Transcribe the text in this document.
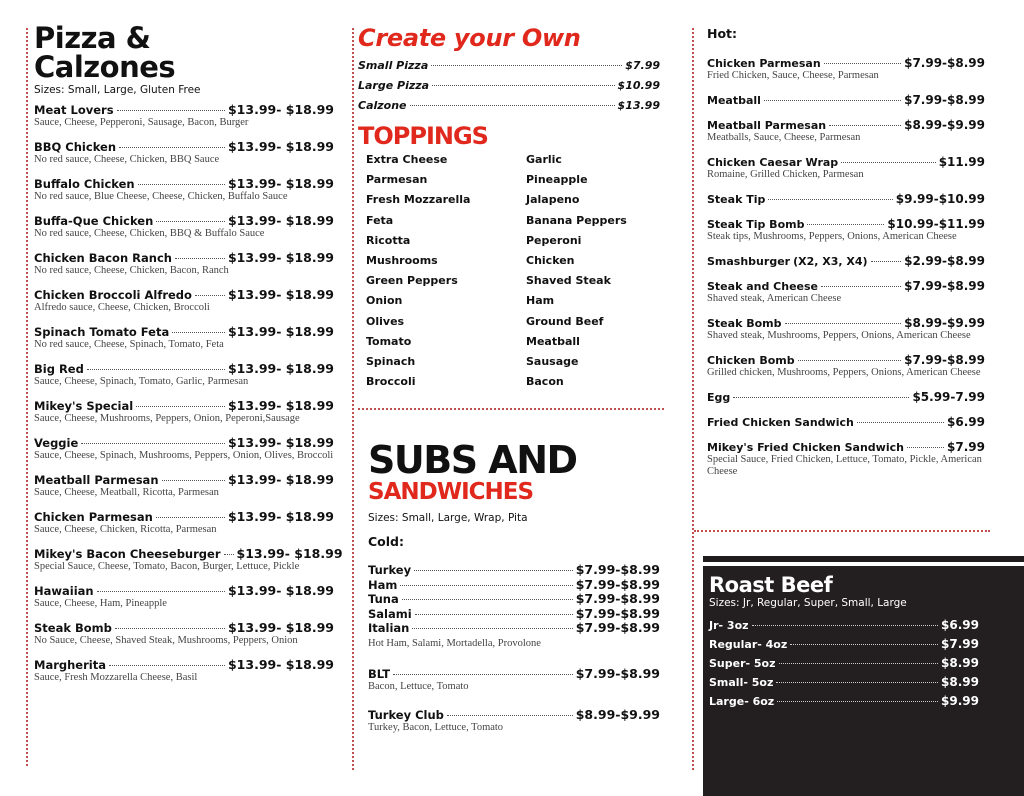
Pizza &
Calzones
Sizes: Small, Large, Gluten Free
Meat Lovers	$13.99- $18.99
Sauce, Cheese, Pepperoni, Sausage, Bacon, Burger
BBQ Chicken	$13.99- $18.99
No red sauce, Cheese, Chicken, BBQ Sauce
Buffalo Chicken	$13.99- $18.99
No red sauce, Blue Cheese, Cheese, Chicken, Buffalo Sauce
Buffa-Que Chicken	$13.99- $18.99
No red sauce, Cheese, Chicken, BBQ & Buffalo Sauce
Chicken Bacon Ranch	$13.99- $18.99
No red sauce, Cheese, Chicken, Bacon, Ranch
Chicken Broccoli Alfredo	$13.99- $18.99
Alfredo sauce, Cheese, Chicken, Broccoli
Spinach Tomato Feta	$13.99- $18.99
No red sauce, Cheese, Spinach, Tomato, Feta
Big Red	$13.99- $18.99
Sauce, Cheese, Spinach, Tomato, Garlic, Parmesan
Mikey's Special	$13.99- $18.99
Sauce, Cheese, Mushrooms, Peppers, Onion, Peperoni,Sausage
Veggie	$13.99- $18.99
Sauce, Cheese, Spinach, Mushrooms, Peppers, Onion, Olives, Broccoli
Meatball Parmesan	$13.99- $18.99
Sauce, Cheese, Meatball, Ricotta, Parmesan
Chicken Parmesan	$13.99- $18.99
Sauce, Cheese, Chicken, Ricotta, Parmesan
Mikey's Bacon Cheeseburger $13.99- $18.99
Special Sauce, Cheese, Tomato, Bacon, Burger, Lettuce, Pickle
Hawaiian	$13.99- $18.99
Sauce, Cheese, Ham, Pineapple
Steak Bomb	$13.99- $18.99
No Sauce, Cheese, Shaved Steak, Mushrooms, Peppers, Onion
Margherita	$13.99- $18.99
Sauce, Fresh Mozzarella Cheese, Basil
Create your Own
Small Pizza	$7.99
Large Pizza	$10.99
Calzone	$13.99
TOPPINGS
Extra Cheese	Garlic
Parmesan	Pineapple
Fresh Mozzarella	Jalapeno
Feta	Banana Peppers
Ricotta	Peperoni
Mushrooms	Chicken
Green Peppers	Shaved Steak
Onion	Ham
Olives	Ground Beef
Tomato	Meatball
Spinach	Sausage
Broccoli	Bacon
SUBS AND
SANDWICHES
Sizes: Small, Large, Wrap, Pita
Cold:
Turkey	$7.99-$8.99
Ham	$7.99-$8.99
Tuna	$7.99-$8.99
Salami	$7.99-$8.99
Italian	$7.99-$8.99
Hot Ham, Salami, Mortadella, Provolone
BLT	$7.99-$8.99
Bacon, Lettuce, Tomato
Turkey Club	$8.99-$9.99
Turkey, Bacon, Lettuce, Tomato
Hot:
Chicken Parmesan	$7.99-$8.99
Fried Chicken, Sauce, Cheese, Parmesan
Meatball	$7.99-$8.99
Meatball Parmesan	$8.99-$9.99
Meatballs, Sauce, Cheese, Parmesan
Chicken Caesar Wrap	$11.99
Romaine, Grilled Chicken, Parmesan
Steak Tip	$9.99-$10.99
Steak Tip Bomb	$10.99-$11.99
Steak tips, Mushrooms, Peppers, Onions, American Cheese
Smashburger (X2, X3, X4)	$2.99-$8.99
Steak and Cheese	$7.99-$8.99
Shaved steak, American Cheese
Steak Bomb	$8.99-$9.99
Shaved steak, Mushrooms, Peppers, Onions, American Cheese
Chicken Bomb	$7.99-$8.99
Grilled chicken, Mushrooms, Peppers, Onions, American Cheese
Egg	$5.99-7.99
Fried Chicken Sandwich	$6.99
Mikey's Fried Chicken Sandwich	$7.99
Special Sauce, Fried Chicken, Lettuce, Tomato, Pickle, American Cheese
Roast Beef
Sizes: Jr, Regular, Super, Small, Large
Jr- 3oz	$6.99
Regular- 4oz	$7.99
Super- 5oz	$8.99
Small- 5oz	$8.99
Large- 6oz	$9.99
